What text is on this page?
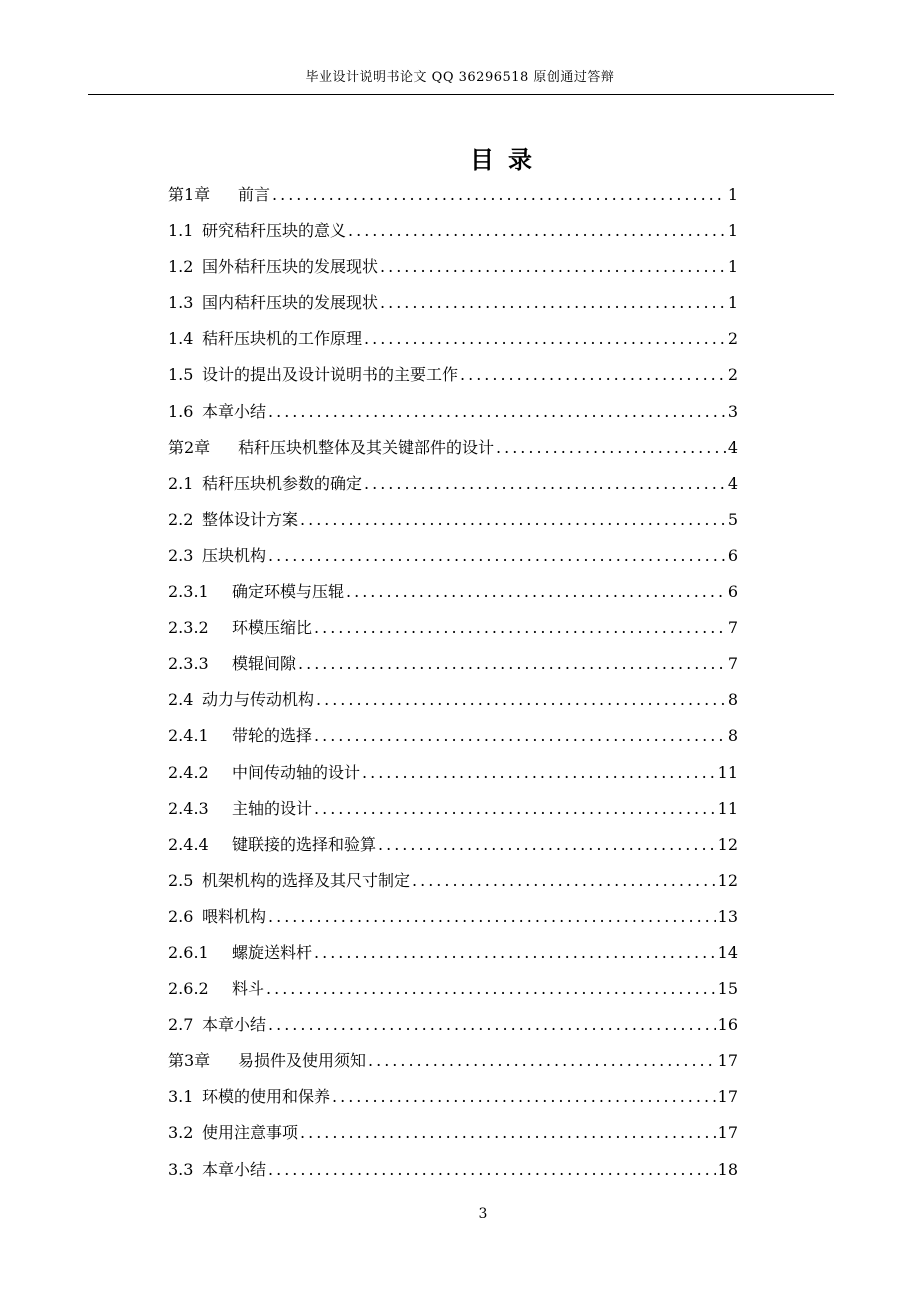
毕业设计说明书论文 QQ 36296518 原创通过答辩
目录
第1章 前言 .....	1
1.1 研究秸秆压块的意义 .....	1
1.2 国外秸秆压块的发展现状 .....	1
1.3 国内秸秆压块的发展现状 .....	1
1.4 秸秆压块机的工作原理 .....	2
1.5 设计的提出及设计说明书的主要工作 .....	2
1.6 本章小结 .....	3
第2章 秸秆压块机整体及其关键部件的设计 .....	4
2.1 秸秆压块机参数的确定 .....	4
2.2 整体设计方案 .....	5
2.3 压块机构 .....	6
2.3.1 确定环模与压辊 .....	6
2.3.2 环模压缩比 .....	7
2.3.3 模辊间隙 .....	7
2.4 动力与传动机构 .....	8
2.4.1 带轮的选择 .....	8
2.4.2 中间传动轴的设计 .....	11
2.4.3 主轴的设计 .....	11
2.4.4 键联接的选择和验算 .....	12
2.5 机架机构的选择及其尺寸制定 .....	12
2.6 喂料机构 .....	13
2.6.1 螺旋送料杆 .....	14
2.6.2 料斗 .....	15
2.7 本章小结 .....	16
第3章 易损件及使用须知 .....	17
3.1 环模的使用和保养 .....	17
3.2 使用注意事项 .....	17
3.3 本章小结 .....	18
3
